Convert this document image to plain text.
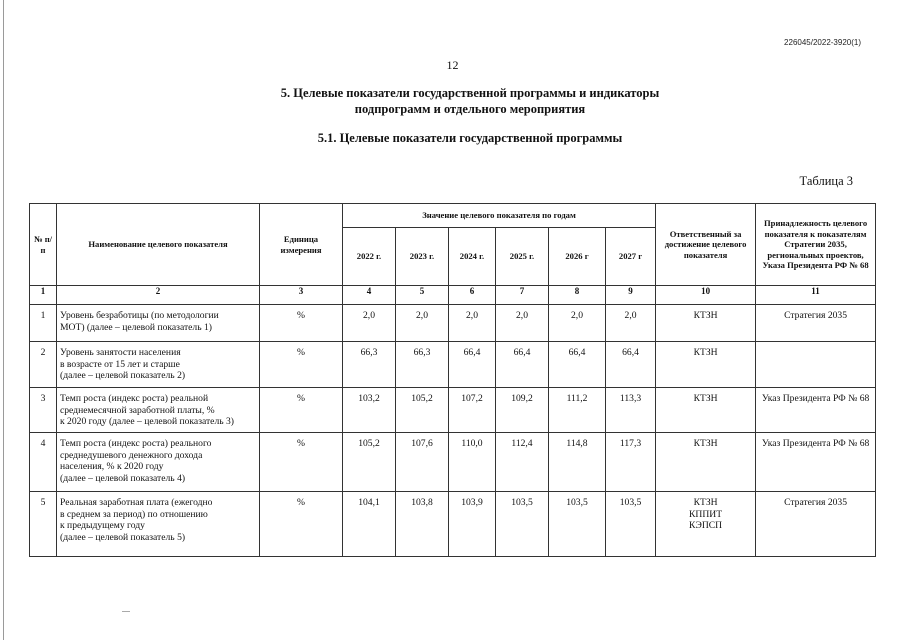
226045/2022-3920(1)
12
5. Целевые показатели государственной программы и индикаторы
подпрограмм и отдельного мероприятия
5.1. Целевые показатели государственной программы
Таблица 3
№ п/п	Наименование целевого показателя	Единица измерения	Значение целевого показателя по годам						Ответственный за достижение целевого показателя	Принадлежность целевого показателя к показателям Стратегии 2035, региональных проектов, Указа Президента РФ № 68
			2022 г.	2023 г.	2024 г.	2025 г.	2026 г	2027 г		
1	2	3	4	5	6	7	8	9	10	11
1	Уровень безработицы (по методологии
МОТ) (далее – целевой показатель 1)	%	2,0	2,0	2,0	2,0	2,0	2,0	КТЗН	Стратегия 2035
2	Уровень занятости населения
в возрасте от 15 лет и старше
(далее – целевой показатель 2)	%	66,3	66,3	66,4	66,4	66,4	66,4	КТЗН	

3	Темп роста (индекс роста) реальной
среднемесячной заработной платы, %
к 2020 году (далее – целевой показатель 3)	%	103,2	105,2	107,2	109,2	111,2	113,3	КТЗН	Указ Президента РФ № 68
4	Темп роста (индекс роста) реального
среднедушевого денежного дохода
населения, % к 2020 году
(далее – целевой показатель 4)	%	105,2	107,6	110,0	112,4	114,8	117,3	КТЗН	Указ Президента РФ № 68
5	Реальная заработная плата (ежегодно
в среднем за период) по отношению
к предыдущему году
(далее – целевой показатель 5)	%	104,1	103,8	103,9	103,5	103,5	103,5	КТЗН
КППИТ
КЭПСП	Стратегия 2035
